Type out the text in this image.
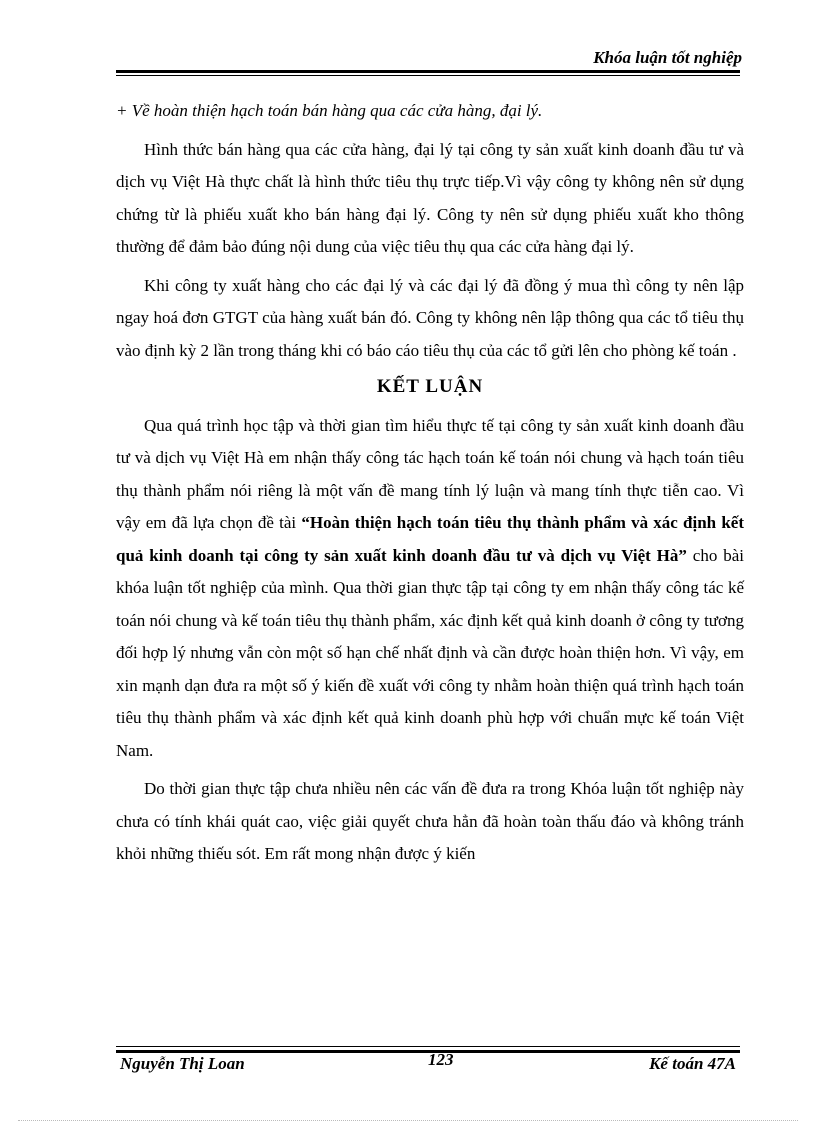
Khóa luận tốt nghiệp

+ Về hoàn thiện hạch toán bán hàng qua các cửa hàng, đại lý.

Hình thức bán hàng qua các cửa hàng, đại lý tại công ty sản xuất kinh doanh đầu tư và dịch vụ Việt Hà thực chất là hình thức tiêu thụ trực tiếp.Vì vậy công ty không nên sử dụng chứng từ là phiếu xuất kho bán hàng đại lý. Công ty nên sử dụng phiếu xuất kho thông thường để đảm bảo đúng nội dung của việc tiêu thụ qua các cửa hàng đại lý.

Khi công ty xuất hàng cho các đại lý và các đại lý đã đồng ý mua thì công ty nên lập ngay hoá đơn GTGT của hàng xuất bán đó. Công ty không nên lập thông qua các tổ tiêu thụ vào định kỳ 2 lần trong tháng khi có báo cáo tiêu thụ của các tổ gửi lên cho phòng kế toán .

KẾT LUẬN

Qua quá trình học tập và thời gian tìm hiểu thực tế tại công ty sản xuất kinh doanh đầu tư và dịch vụ Việt Hà em nhận thấy công tác hạch toán kế toán nói chung và hạch toán tiêu thụ thành phẩm nói riêng là một vấn đề mang tính lý luận và mang tính thực tiễn cao. Vì vậy em đã lựa chọn đề tài “Hoàn thiện hạch toán tiêu thụ thành phẩm và xác định kết quả kinh doanh tại công ty sản xuất kinh doanh đầu tư và dịch vụ Việt Hà” cho bài khóa luận tốt nghiệp của mình. Qua thời gian thực tập tại công ty em nhận thấy công tác kế toán nói chung và kế toán tiêu thụ thành phẩm, xác định kết quả kinh doanh ở công ty tương đối hợp lý nhưng vẫn còn một số hạn chế nhất định và cần được hoàn thiện hơn. Vì vậy, em xin mạnh dạn đưa ra một số ý kiến đề xuất với công ty nhằm hoàn thiện quá trình hạch toán tiêu thụ thành phẩm và xác định kết quả kinh doanh phù hợp với chuẩn mực kế toán Việt Nam.

Do thời gian thực tập chưa nhiều nên các vấn đề đưa ra trong Khóa luận tốt nghiệp này chưa có tính khái quát cao, việc giải quyết chưa hẳn đã hoàn toàn thấu đáo và không tránh khỏi những thiếu sót. Em rất mong nhận được ý kiến

Nguyễn Thị Loan	123	Kế toán 47A
